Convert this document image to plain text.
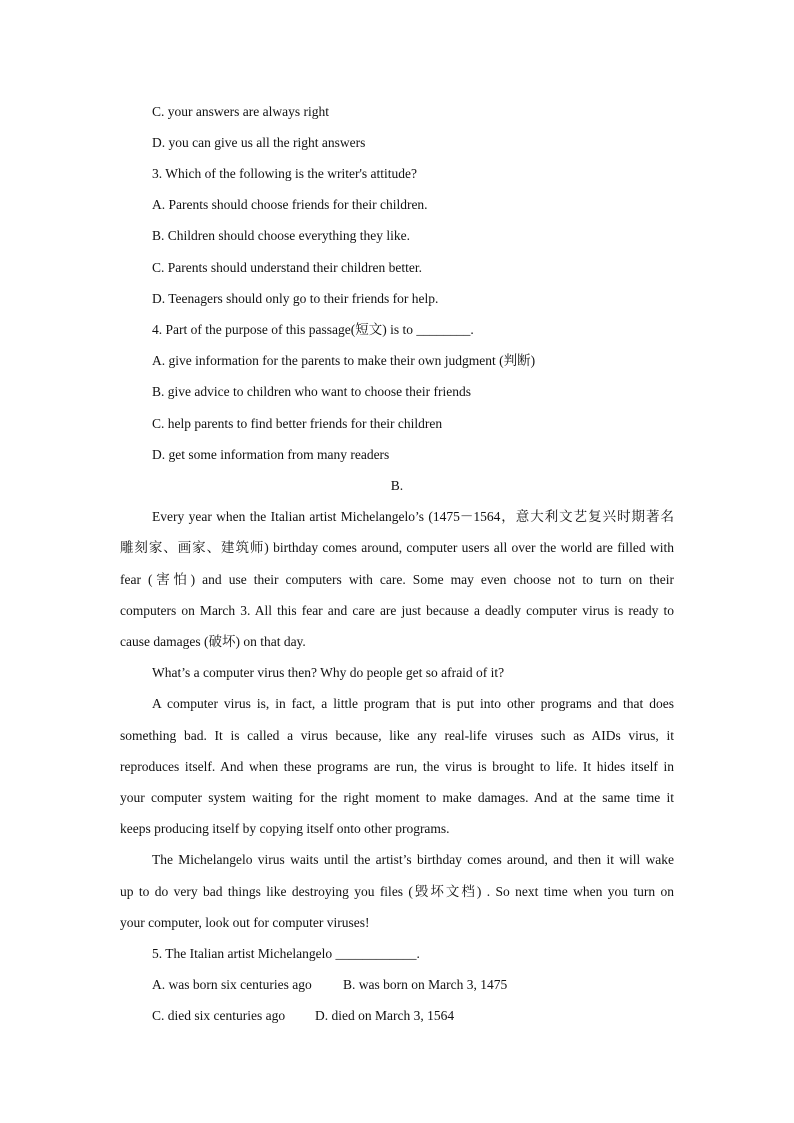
C. your answers are always right
D. you can give us all the right answers
3. Which of the following is the writer's attitude?
A. Parents should choose friends for their children.
B. Children should choose everything they like.
C. Parents should understand their children better.
D. Teenagers should only go to their friends for help.
4. Part of the purpose of this passage(短文) is to ________.
A. give information for the parents to make their own judgment (判断)
B. give advice to children who want to choose their friends
C. help parents to find better friends for their children
D. get some information from many readers
B.
Every year when the Italian artist Michelangelo’s (1475－1564，意大利文艺复兴时期著名
雕刻家、画家、建筑师) birthday comes around, computer users all over the world are filled with
fear (害怕) and use their computers with care. Some may even choose not to turn on their
computers on March 3. All this fear and care are just because a deadly computer virus is ready to
cause damages (破坏) on that day.
What’s a computer virus then? Why do people get so afraid of it?
A computer virus is, in fact, a little program that is put into other programs and that does
something bad. It is called a virus because, like any real-life viruses such as AIDs virus, it
reproduces itself. And when these programs are run, the virus is brought to life. It hides itself in
your computer system waiting for the right moment to make damages. And at the same time it
keeps producing itself by copying itself onto other programs.
The Michelangelo virus waits until the artist’s birthday comes around, and then it will wake
up to do very bad things like destroying you files (毁坏文档) . So next time when you turn on
your computer, look out for computer viruses!
5. The Italian artist Michelangelo ____________.
A. was born six centuries ago B. was born on March 3, 1475
C. died six centuries ago D. died on March 3, 1564
